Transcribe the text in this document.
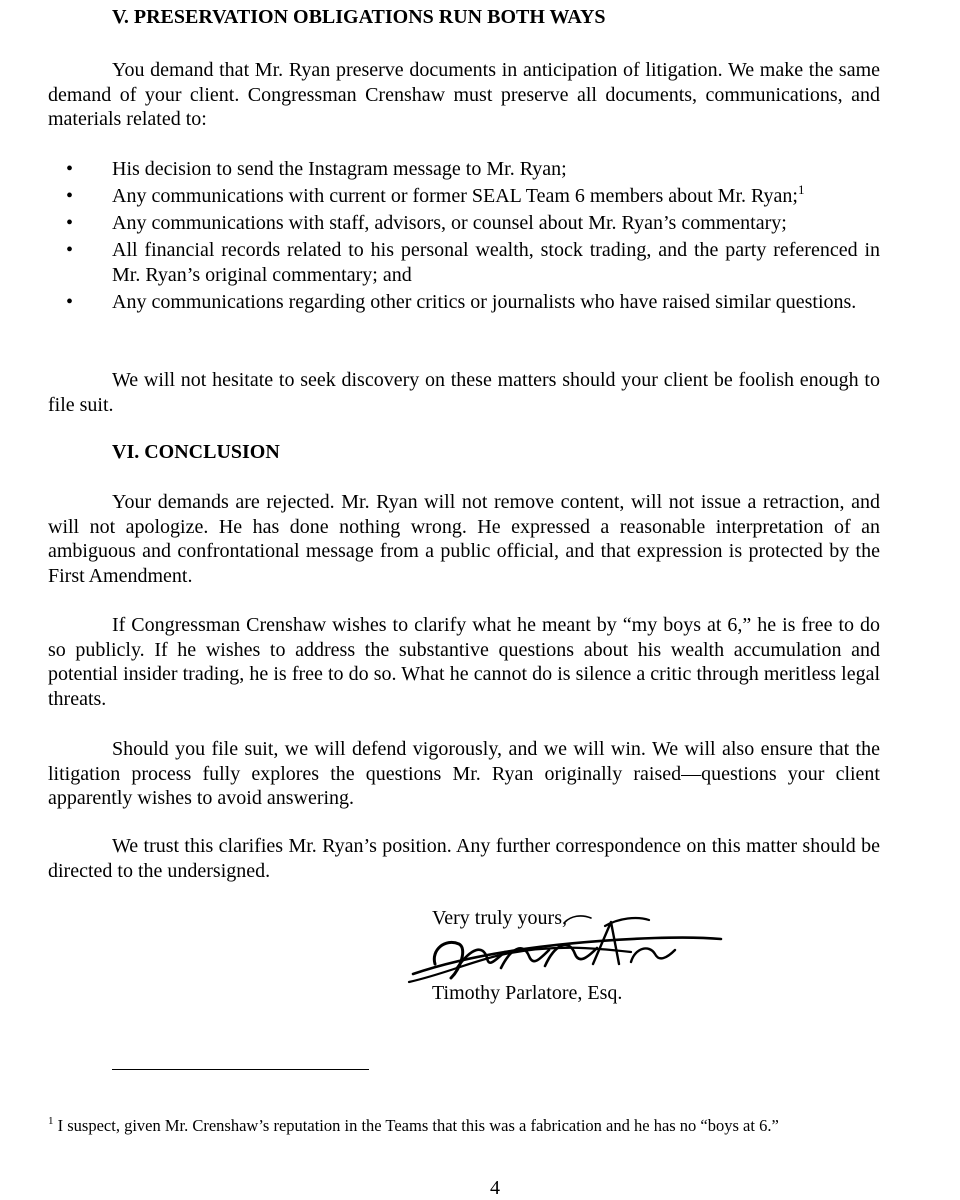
V. PRESERVATION OBLIGATIONS RUN BOTH WAYS

You demand that Mr. Ryan preserve documents in anticipation of litigation. We make the same demand of your client. Congressman Crenshaw must preserve all documents, communications, and materials related to:

• His decision to send the Instagram message to Mr. Ryan;
• Any communications with current or former SEAL Team 6 members about Mr. Ryan;$^1$
• Any communications with staff, advisors, or counsel about Mr. Ryan’s commentary;
• All financial records related to his personal wealth, stock trading, and the party referenced in Mr. Ryan’s original commentary; and
• Any communications regarding other critics or journalists who have raised similar questions.

We will not hesitate to seek discovery on these matters should your client be foolish enough to file suit.

VI. CONCLUSION

Your demands are rejected. Mr. Ryan will not remove content, will not issue a retraction, and will not apologize. He has done nothing wrong. He expressed a reasonable interpretation of an ambiguous and confrontational message from a public official, and that expression is protected by the First Amendment.

If Congressman Crenshaw wishes to clarify what he meant by “my boys at 6,” he is free to do so publicly. If he wishes to address the substantive questions about his wealth accumulation and potential insider trading, he is free to do so. What he cannot do is silence a critic through meritless legal threats.

Should you file suit, we will defend vigorously, and we will win. We will also ensure that the litigation process fully explores the questions Mr. Ryan originally raised—questions your client apparently wishes to avoid answering.

We trust this clarifies Mr. Ryan’s position. Any further correspondence on this matter should be directed to the undersigned.

Very truly yours,

Timothy Parlatore, Esq.

$^1$ I suspect, given Mr. Crenshaw’s reputation in the Teams that this was a fabrication and he has no “boys at 6.”

4
